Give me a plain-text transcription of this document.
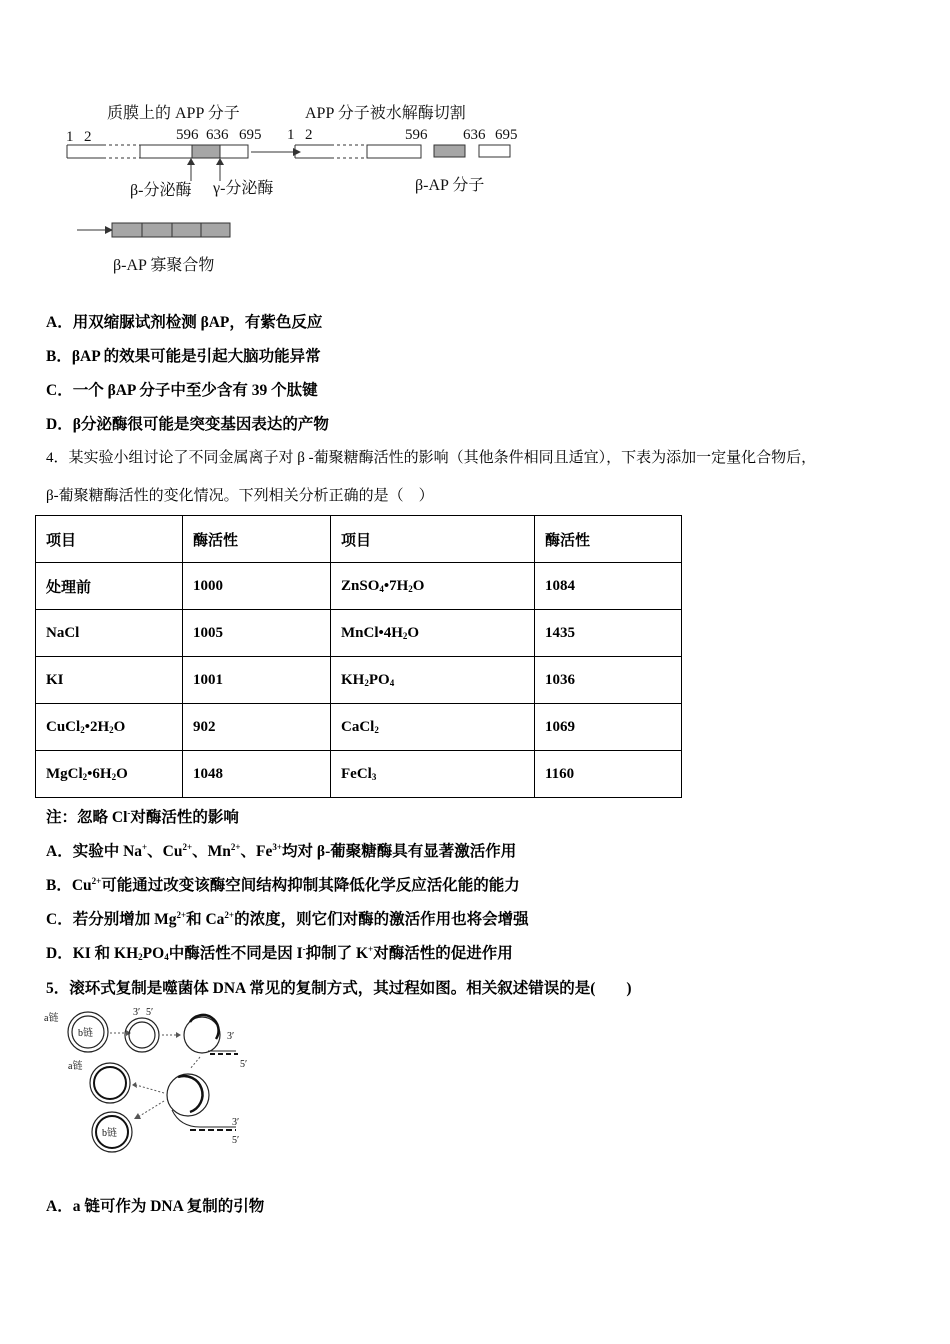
质膜上的 APP 分子	APP 分子被水解酶切割
1 2	596 636 695
β-分泌酶 γ-分泌酶
1 2	596 636 695
β-AP 分子
β-AP 寡聚合物
A．用双缩脲试剂检测 βAP，有紫色反应
B．βAP 的效果可能是引起大脑功能异常
C．一个 βAP 分子中至少含有 39 个肽键
D．β分泌酶很可能是突变基因表达的产物
4．某实验小组讨论了不同金属离子对 β -葡聚糖酶活性的影响（其他条件相同且适宜），下表为添加一定量化合物后，
β-葡聚糖酶活性的变化情况。下列相关分析正确的是（　）
项目	酶活性	项目	酶活性
处理前	1000	$ZnSO_4•7H_2O$	1084
NaCl	1005	$MnCl•4H_2O$	1435
KI	1001	$KH_2PO_4$	1036
$CuCl_2•2H_2O$	902	CaCl$_2$	1069
$MgCl_2•6H_2O$	1048	FeCl$_3$	1160
注：忽略 Cl-对酶活性的影响
A．实验中 Na+、$Cu^{2+}$、$Mn^{2+}$、$Fe^{3+}$均对 β-葡聚糖酶具有显著激活作用
B．$Cu^{2+}$可能通过改变该酶空间结构抑制其降低化学反应活化能的能力
C．若分别增加 $Mg^{2+}$和 $Ca^{2+}$的浓度，则它们对酶的激活作用也将会增强
D．KI 和 $KH_2PO_4$中酶活性不同是因 I-抑制了 K+对酶活性的促进作用
5．滚环式复制是噬菌体 DNA 常见的复制方式，其过程如图。相关叙述错误的是(　　)
a链
b链
3′ 5′
3′
5′
a链
3′
5′
b链
A．a 链可作为 DNA 复制的引物
